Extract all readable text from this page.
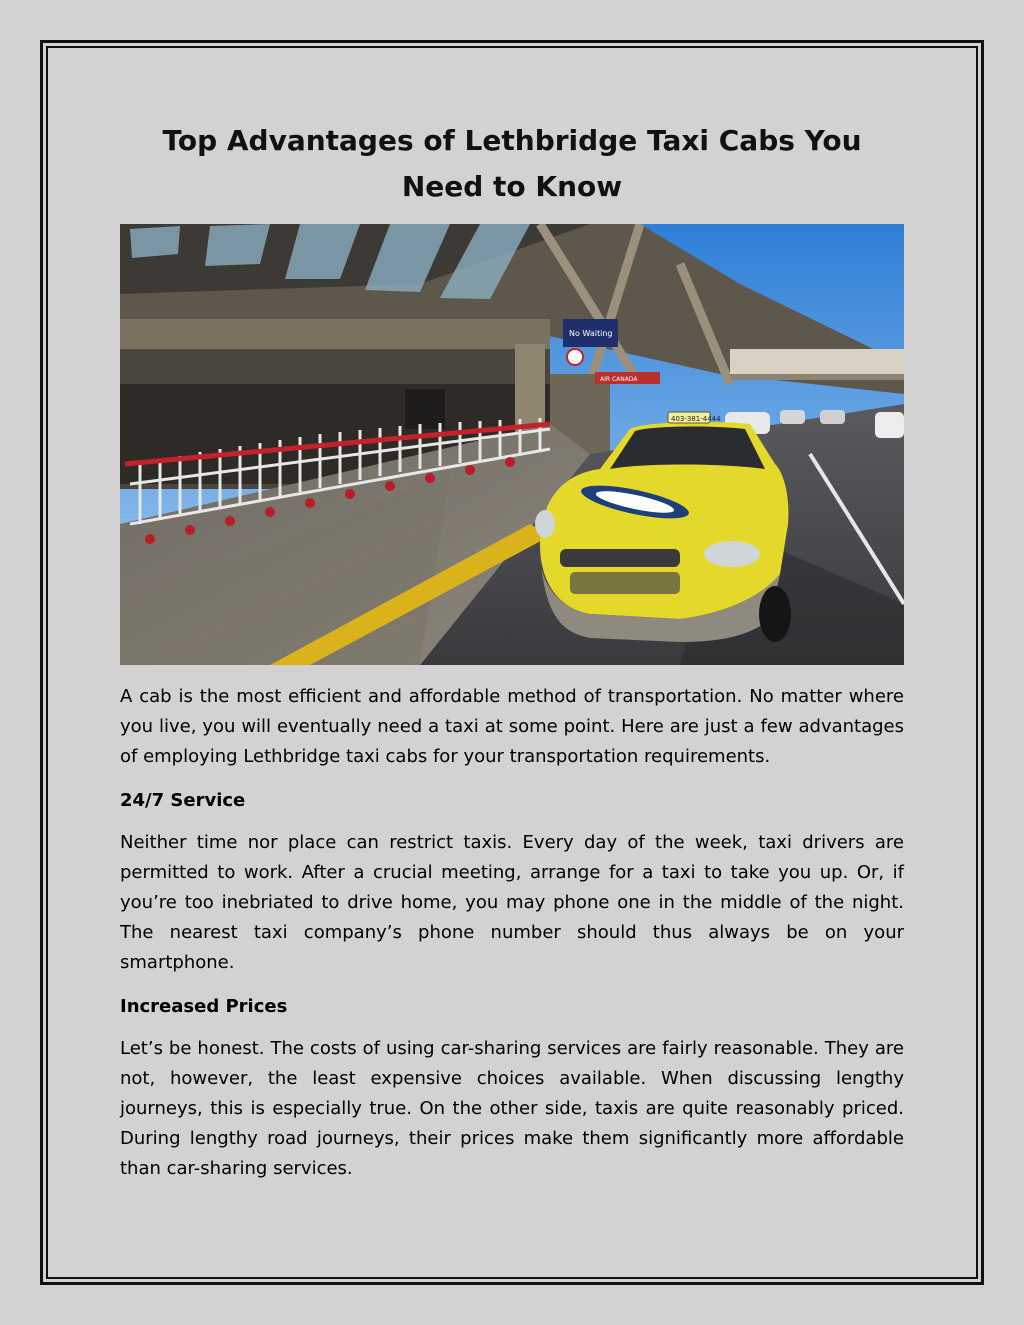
Top Advantages of Lethbridge Taxi Cabs You Need to Know
No Waiting
AIR CANADA
403-381-4444

A cab is the most efficient and affordable method of transportation. No matter where you live, you will eventually need a taxi at some point. Here are just a few advantages of employing Lethbridge taxi cabs for your transportation requirements.

24/7 Service

Neither time nor place can restrict taxis. Every day of the week, taxi drivers are permitted to work. After a crucial meeting, arrange for a taxi to take you up. Or, if you’re too inebriated to drive home, you may phone one in the middle of the night. The nearest taxi company’s phone number should thus always be on your smartphone.

Increased Prices

Let’s be honest. The costs of using car-sharing services are fairly reasonable. They are not, however, the least expensive choices available. When discussing lengthy journeys, this is especially true. On the other side, taxis are quite reasonably priced. During lengthy road journeys, their prices make them significantly more affordable than car-sharing services.
